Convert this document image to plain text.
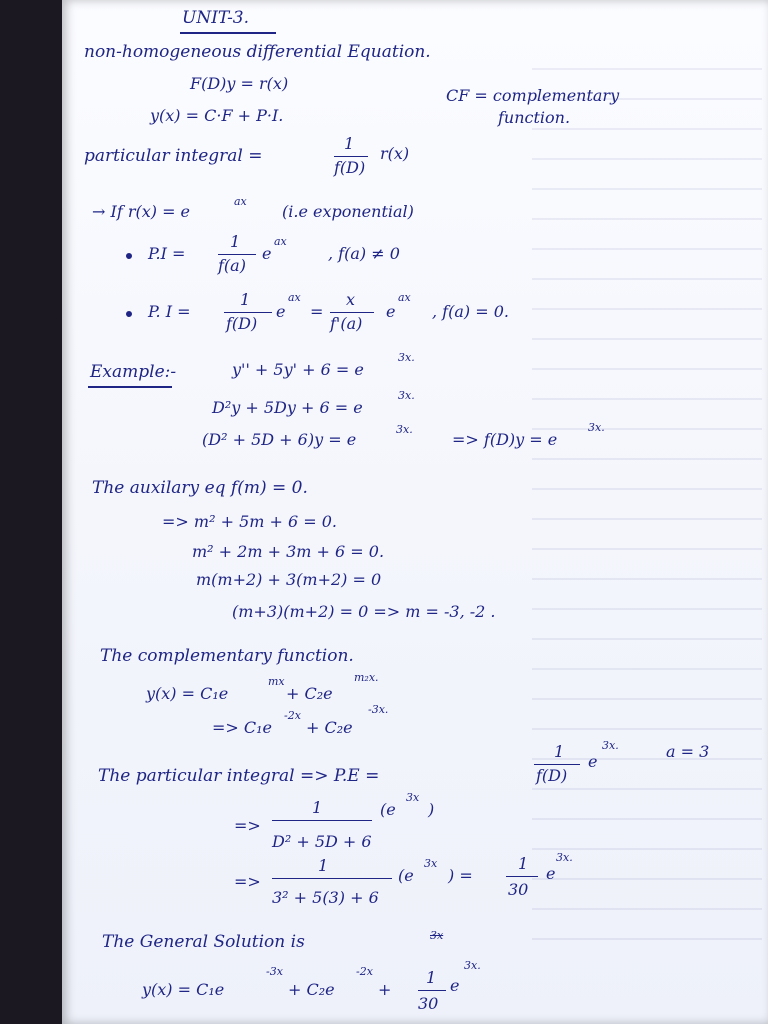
UNIT-3.
non-homogeneous differential Equation.
F(D)y = r(x)
y(x) = C·F + P·I.
CF = complementary
function.
particular integral =
1
f(D)
r(x)
→ If r(x) = e
ax
(i.e exponential)
P.I =
1
f(a)
e
ax
, f(a) ≠ 0
P. I =
1
f(D)
e
ax
=
x
f'(a)
e
ax
, f(a) = 0.
Example:-	y'' + 5y' + 6 = e
3x.
D²y + 5Dy + 6 = e
3x.
(D² + 5D + 6)y = e
3x.
=> f(D)y = e
3x.
The auxilary eq f(m) = 0.
=> m² + 5m + 6 = 0.
m² + 2m + 3m + 6 = 0.
m(m+2) + 3(m+2) = 0
(m+3)(m+2) = 0 => m = -3, -2 .
The complementary function.
y(x) = C₁e
mx
+ C₂e
m₂x.
=> C₁e
-2x
+ C₂e
-3x.
The particular integral => P.E =
1
f(D)
e
3x.	a = 3
=>
1
D² + 5D + 6
(e
3x
)
=>
1
3² + 5(3) + 6
(e
3x
) =
1
30
e
3x.
The General Solution is	3x
y(x) = C₁e
-3x
+ C₂e
-2x
+
1
30
e
3x.
